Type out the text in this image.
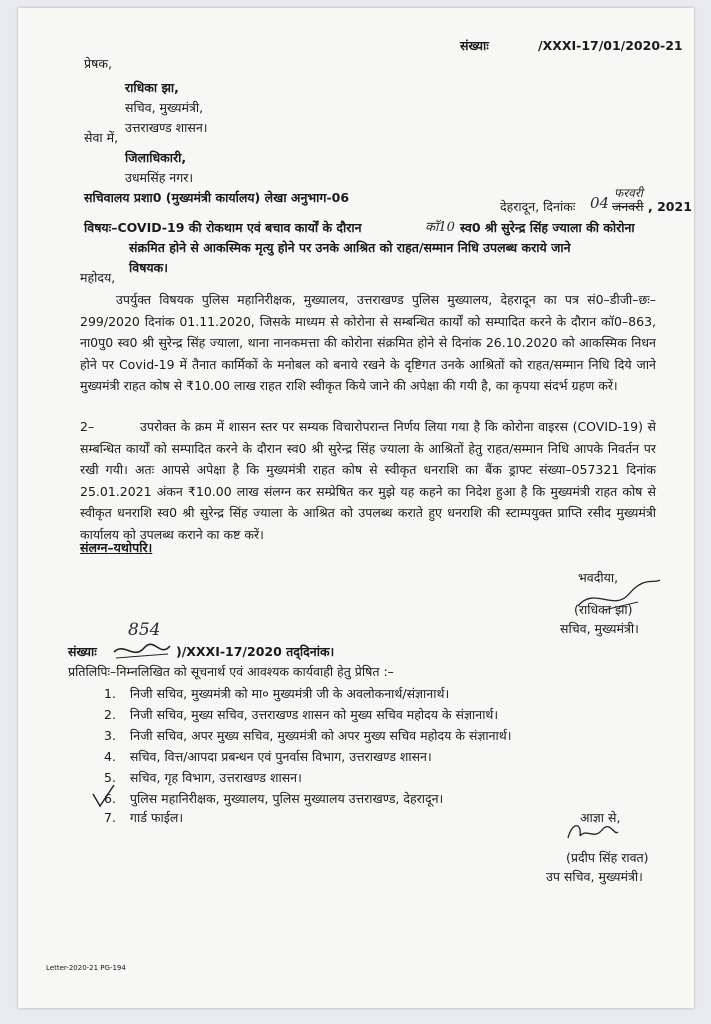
संख्याः	/XXXI-17/01/2020-21
प्रेषक,
राधिका झा,
सचिव, मुख्यमंत्री,
उत्तराखण्ड शासन।
सेवा में,
जिलाधिकारी,
उधमसिंह नगर।
सचिवालय प्रशा0 (मुख्यमंत्री कार्यालय) लेखा अनुभाग-06
देहरादून, दिनांकः 04
फरवरी
जनवरी , 2021
विषयः–COVID-19 की रोकथाम एवं बचाव कार्यों के दौरान	कॉ10 स्व0 श्री सुरेन्द्र सिंह ज्याला की कोरोना
संक्रमित होने से आकस्मिक मृत्यु होने पर उनके आश्रित को राहत/सम्मान निधि उपलब्ध कराये जाने
विषयक।
महोदय,
उपर्युक्त विषयक पुलिस महानिरीक्षक, मुख्यालय, उत्तराखण्ड पुलिस मुख्यालय, देहरादून का पत्र सं0–डीजी–छः–299/2020 दिनांक 01.11.2020, जिसके माध्यम से कोरोना से सम्बन्धित कार्यों को सम्पादित करने के दौरान कॉ0–863, ना0पु0 स्व0 श्री सुरेन्द्र सिंह ज्याला, थाना नानकमत्ता की कोरोना संक्रमित होने से दिनांक 26.10.2020 को आकस्मिक निधन होने पर Covid-19 में तैनात कार्मिकों के मनोबल को बनाये रखने के दृष्टिगत उनके आश्रितों को राहत/सम्मान निधि दिये जाने मुख्यमंत्री राहत कोष से ₹10.00 लाख राहत राशि स्वीकृत किये जाने की अपेक्षा की गयी है, का कृपया संदर्भ ग्रहण करें।
2–	उपरोक्त के क्रम में शासन स्तर पर सम्यक विचारोपरान्त निर्णय लिया गया है कि कोरोना वाइरस (COVID-19) से सम्बन्धित कार्यों को सम्पादित करने के दौरान स्व0 श्री सुरेन्द्र सिंह ज्याला के आश्रितों हेतु राहत/सम्मान निधि आपके निवर्तन पर रखी गयी। अतः आपसे अपेक्षा है कि मुख्यमंत्री राहत कोष से स्वीकृत धनराशि का बैंक ड्राफ्ट संख्या–057321 दिनांक 25.01.2021 अंकन ₹10.00 लाख संलग्न कर सम्प्रेषित कर मुझे यह कहने का निदेश हुआ है कि मुख्यमंत्री राहत कोष से स्वीकृत धनराशि स्व0 श्री सुरेन्द्र सिंह ज्याला के आश्रित को उपलब्ध कराते हुए धनराशि की स्टाम्पयुक्त प्राप्ति रसीद मुख्यमंत्री कार्यालय को उपलब्ध कराने का कष्ट करें।
संलग्न–यथोपरि।
भवदीया,
(राधिका झा)
सचिव, मुख्यमंत्री।
संख्याः
854
)/XXXI-17/2020 तद्‌दिनांक।
प्रतिलिपिः–निम्नलिखित को सूचनार्थ एवं आवश्यक कार्यवाही हेतु प्रेषित :–
1. निजी सचिव, मुख्यमंत्री को मा० मुख्यमंत्री जी के अवलोकनार्थ/संज्ञानार्थ।
2. निजी सचिव, मुख्य सचिव, उत्तराखण्ड शासन को मुख्य सचिव महोदय के संज्ञानार्थ।
3. निजी सचिव, अपर मुख्य सचिव, मुख्यमंत्री को अपर मुख्य सचिव महोदय के संज्ञानार्थ।
4. सचिव, वित्त/आपदा प्रबन्धन एवं पुनर्वास विभाग, उत्तराखण्ड शासन।
5. सचिव, गृह विभाग, उत्तराखण्ड शासन।
6. पुलिस महानिरीक्षक, मुख्यालय, पुलिस मुख्यालय उत्तराखण्ड, देहरादून।
7. गार्ड फाईल।	आज्ञा से,
(प्रदीप सिंह रावत)
उप सचिव, मुख्यमंत्री।
Letter-2020-21 PG-194
